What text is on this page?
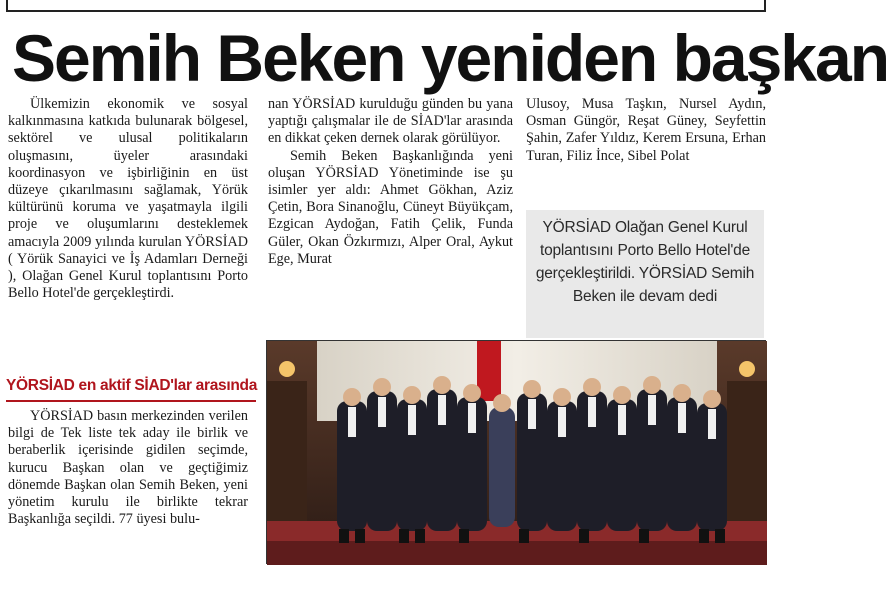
Semih Beken yeniden başkan

Ülkemizin ekonomik ve sosyal kalkınmasına katkıda bulunarak bölgesel, sektörel ve ulusal politikaların oluşmasını, üyeler arasındaki koordinasyon ve işbirliğinin en üst düzeye çıkarılmasını sağlamak, Yörük kültürünü koruma ve yaşatmayla ilgili proje ve oluşumlarını desteklemek amacıyla 2009 yılında kurulan YÖRSİAD ( Yörük Sanayici ve İş Adamları Derneği ), Olağan Genel Kurul toplantısını Porto Bello Hotel'de gerçekleştirdi.

YÖRSİAD en aktif SİAD'lar arasında

YÖRSİAD basın merkezinden verilen bilgi de Tek liste tek aday ile birlik ve beraberlik içerisinde gidilen seçimde, kurucu Başkan olan ve geçtiğimiz dönemde Başkan olan Semih Beken, yeni yönetim kurulu ile birlikte tekrar Başkanlığa seçildi. 77 üyesi bulu-

nan YÖRSİAD kurulduğu günden bu yana yaptığı çalışmalar ile de SİAD'lar arasında en dikkat çeken dernek olarak görülüyor.

Semih Beken Başkanlığında yeni oluşan YÖRSİAD Yönetiminde ise şu isimler yer aldı: Ahmet Gökhan, Aziz Çetin, Bora Sinanoğlu, Cüneyt Büyükçam, Ezgican Aydoğan, Fatih Çelik, Funda Güler, Okan Özkırmızı, Alper Oral, Aykut Ege, Murat

Ulusoy, Musa Taşkın, Nursel Aydın, Osman Güngör, Reşat Güney, Seyfettin Şahin, Zafer Yıldız, Kerem Ersuna, Erhan Turan, Filiz İnce, Sibel Polat

YÖRSİAD Olağan Genel Kurul toplantısını Porto Bello Hotel'de gerçekleştirildi. YÖRSİAD Semih Beken ile devam dedi
